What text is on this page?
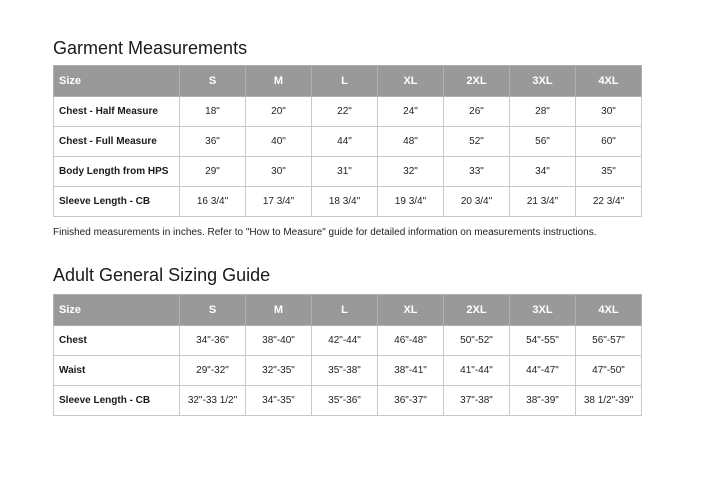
Garment Measurements
Size	S	M	L	XL	2XL	3XL	4XL
Chest - Half Measure	18"	20"	22"	24"	26"	28"	30"
Chest - Full Measure	36"	40"	44"	48"	52"	56"	60"
Body Length from HPS	29"	30"	31"	32"	33"	34"	35"
Sleeve Length - CB	16 3/4"	17 3/4"	18 3/4"	19 3/4"	20 3/4"	21 3/4"	22 3/4"

Finished measurements in inches. Refer to "How to Measure" guide for detailed information on measurements instructions.

Adult General Sizing Guide
Size	S	M	L	XL	2XL	3XL	4XL
Chest	34"-36"	38"-40"	42"-44"	46"-48"	50"-52"	54"-55"	56"-57"
Waist	29"-32"	32"-35"	35"-38"	38"-41"	41"-44"	44"-47"	47"-50"
Sleeve Length - CB	32"-33 1/2"	34"-35"	35"-36"	36"-37"	37"-38"	38"-39"	38 1/2"-39"
